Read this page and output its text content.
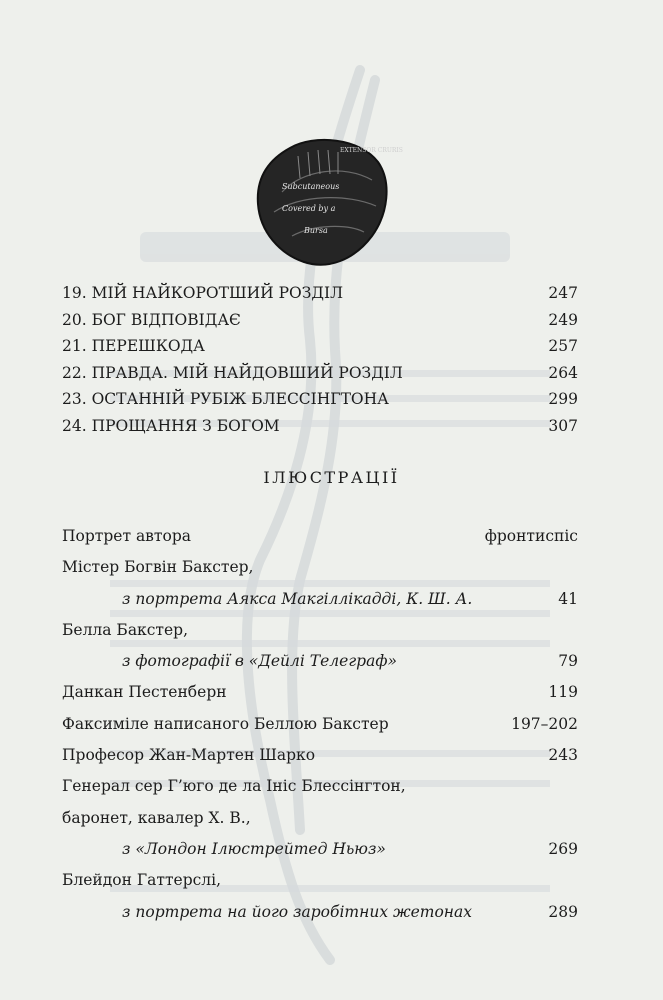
EXTENSOR CRURIS
Subcutaneous
Covered by a
Bursa
19. МІЙ НАЙКОРОТШИЙ РОЗДІЛ	247
20. БОГ ВІДПОВІДАЄ	249
21. ПЕРЕШКОДА	257
22. ПРАВДА. МІЙ НАЙДОВШИЙ РОЗДІЛ	264
23. ОСТАННІЙ РУБІЖ БЛЕССІНГТОНА	299
24. ПРОЩАННЯ З БОГОМ	307
ІЛЮСТРАЦІЇ
Портрет автора	фронтиспіс
Містер Богвін Бакстер,
з портрета Аякса Макгіллікадді, К. Ш. А.	41
Белла Бакстер,
з фотографії в «Дейлі Телеграф»	79
Данкан Пестенберн	119
Факсиміле написаного Беллою Бакстер	197–202
Професор Жан-Мартен Шарко	243
Генерал сер Г’юго де ла Ініс Блессінгтон,
баронет, кавалер Х. В.,
з «Лондон Ілюстрейтед Ньюз»	269
Блейдон Гаттерслі,
з портрета на його заробітних жетонах	289
